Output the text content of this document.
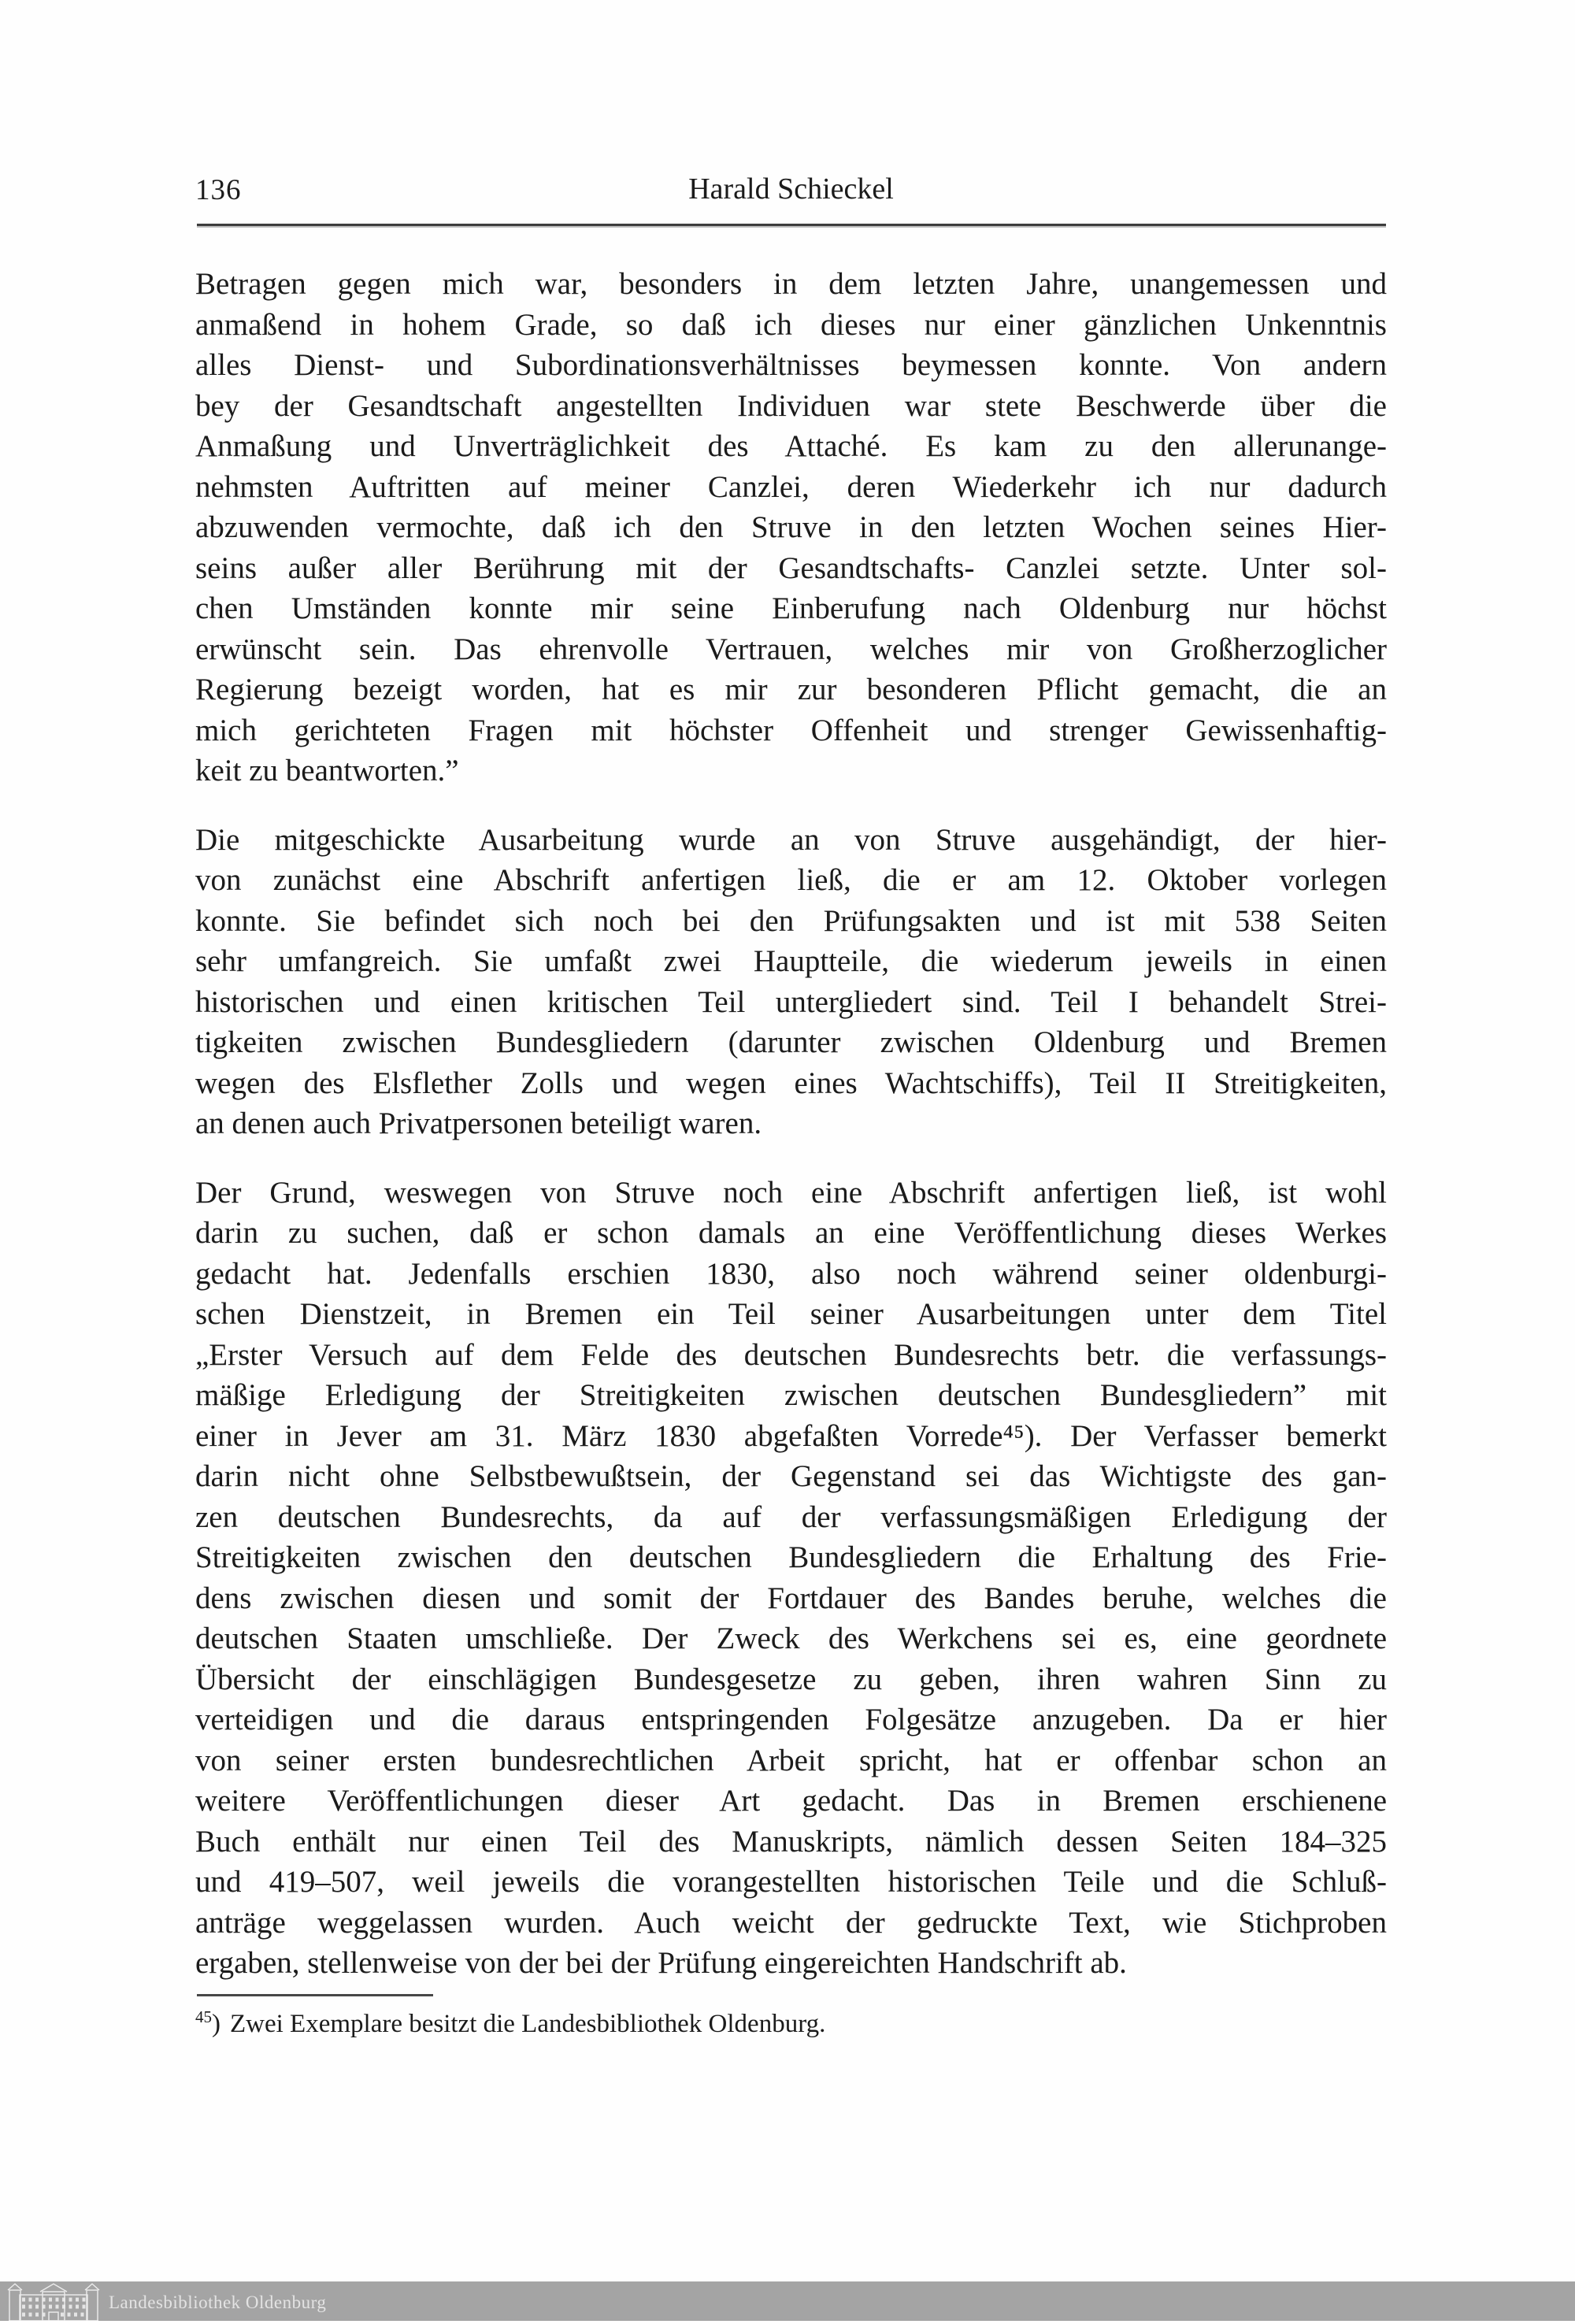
136	Harald Schieckel
Betragen gegen mich war, besonders in dem letzten Jahre, unangemessen und
anmaßend in hohem Grade, so daß ich dieses nur einer gänzlichen Unkenntnis
alles Dienst- und Subordinationsverhältnisses beymessen konnte. Von andern
bey der Gesandtschaft angestellten Individuen war stete Beschwerde über die
Anmaßung und Unverträglichkeit des Attaché. Es kam zu den allerunange-
nehmsten Auftritten auf meiner Canzlei, deren Wiederkehr ich nur dadurch
abzuwenden vermochte, daß ich den Struve in den letzten Wochen seines Hier-
seins außer aller Berührung mit der Gesandtschafts- Canzlei setzte. Unter sol-
chen Umständen konnte mir seine Einberufung nach Oldenburg nur höchst
erwünscht sein. Das ehrenvolle Vertrauen, welches mir von Großherzoglicher
Regierung bezeigt worden, hat es mir zur besonderen Pflicht gemacht, die an
mich gerichteten Fragen mit höchster Offenheit und strenger Gewissenhaftig-
keit zu beantworten.”
Die mitgeschickte Ausarbeitung wurde an von Struve ausgehändigt, der hier-
von zunächst eine Abschrift anfertigen ließ, die er am 12. Oktober vorlegen
konnte. Sie befindet sich noch bei den Prüfungsakten und ist mit 538 Seiten
sehr umfangreich. Sie umfaßt zwei Hauptteile, die wiederum jeweils in einen
historischen und einen kritischen Teil untergliedert sind. Teil I behandelt Strei-
tigkeiten zwischen Bundesgliedern (darunter zwischen Oldenburg und Bremen
wegen des Elsflether Zolls und wegen eines Wachtschiffs), Teil II Streitigkeiten,
an denen auch Privatpersonen beteiligt waren.
Der Grund, weswegen von Struve noch eine Abschrift anfertigen ließ, ist wohl
darin zu suchen, daß er schon damals an eine Veröffentlichung dieses Werkes
gedacht hat. Jedenfalls erschien 1830, also noch während seiner oldenburgi-
schen Dienstzeit, in Bremen ein Teil seiner Ausarbeitungen unter dem Titel
„Erster Versuch auf dem Felde des deutschen Bundesrechts betr. die verfassungs-
mäßige Erledigung der Streitigkeiten zwischen deutschen Bundesgliedern” mit
einer in Jever am 31. März 1830 abgefaßten Vorrede⁴⁵). Der Verfasser bemerkt
darin nicht ohne Selbstbewußtsein, der Gegenstand sei das Wichtigste des gan-
zen deutschen Bundesrechts, da auf der verfassungsmäßigen Erledigung der
Streitigkeiten zwischen den deutschen Bundesgliedern die Erhaltung des Frie-
dens zwischen diesen und somit der Fortdauer des Bandes beruhe, welches die
deutschen Staaten umschließe. Der Zweck des Werkchens sei es, eine geordnete
Übersicht der einschlägigen Bundesgesetze zu geben, ihren wahren Sinn zu
verteidigen und die daraus entspringenden Folgesätze anzugeben. Da er hier
von seiner ersten bundesrechtlichen Arbeit spricht, hat er offenbar schon an
weitere Veröffentlichungen dieser Art gedacht. Das in Bremen erschienene
Buch enthält nur einen Teil des Manuskripts, nämlich dessen Seiten 184–325
und 419–507, weil jeweils die vorangestellten historischen Teile und die Schluß-
anträge weggelassen wurden. Auch weicht der gedruckte Text, wie Stichproben
ergaben, stellenweise von der bei der Prüfung eingereichten Handschrift ab.
$^{45}$) Zwei Exemplare besitzt die Landesbibliothek Oldenburg.
Landesbibliothek Oldenburg
